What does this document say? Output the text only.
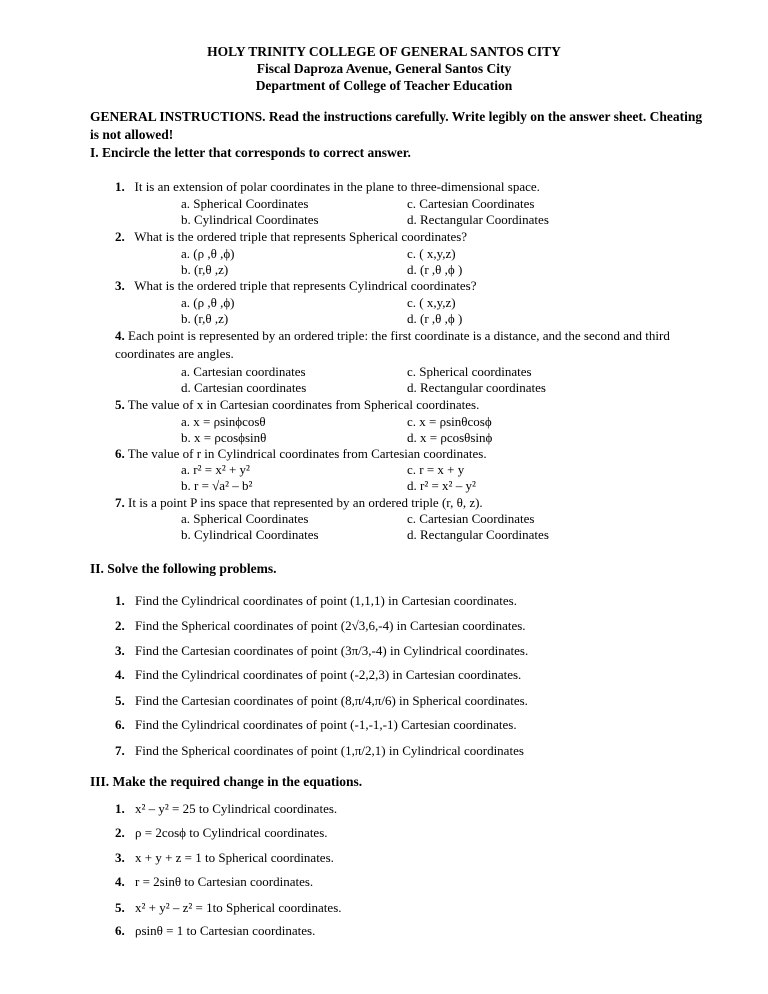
HOLY TRINITY COLLEGE OF GENERAL SANTOS CITY
Fiscal Daproza Avenue, General Santos City
Department of College of Teacher Education
GENERAL INSTRUCTIONS. Read the instructions carefully. Write legibly on the answer sheet. Cheating
is not allowed!
I. Encircle the letter that corresponds to correct answer.
1. It is an extension of polar coordinates in the plane to three-dimensional space.
a. Spherical Coordinates	c. Cartesian Coordinates
b. Cylindrical Coordinates	d. Rectangular Coordinates
2. What is the ordered triple that represents Spherical coordinates?
a. (ρ ,θ ,ϕ)	c. ( x,y,z)
b. (r,θ ,z)	d. (r ,θ ,ϕ )
3. What is the ordered triple that represents Cylindrical coordinates?
a. (ρ ,θ ,ϕ)	c. ( x,y,z)
b. (r,θ ,z)	d. (r ,θ ,ϕ )
4. Each point is represented by an ordered triple: the first coordinate is a distance, and the second and third
coordinates are angles.
a. Cartesian coordinates	c. Spherical coordinates
d. Cartesian coordinates	d. Rectangular coordinates
5. The value of x in Cartesian coordinates from Spherical coordinates.
a. x = ρsinϕcosθ	c. x = ρsinθcosϕ
b. x = ρcosϕsinθ	d. x = ρcosθsinϕ
6. The value of r in Cylindrical coordinates from Cartesian coordinates.
a. r² = x² + y²	c. r = x + y
b. r = √a² – b²	d. r² = x² – y²
7. It is a point P ins space that represented by an ordered triple (r, θ, z).
a. Spherical Coordinates	c. Cartesian Coordinates
b. Cylindrical Coordinates	d. Rectangular Coordinates
II. Solve the following problems.
1. Find the Cylindrical coordinates of point (1,1,1) in Cartesian coordinates.
2. Find the Spherical coordinates of point (2√3,6,-4) in Cartesian coordinates.
3. Find the Cartesian coordinates of point (3π/3,-4) in Cylindrical coordinates.
4. Find the Cylindrical coordinates of point (-2,2,3) in Cartesian coordinates.
5. Find the Cartesian coordinates of point (8,π/4,π/6) in Spherical coordinates.
6. Find the Cylindrical coordinates of point (-1,-1,-1) Cartesian coordinates.
7. Find the Spherical coordinates of point (1,π/2,1) in Cylindrical coordinates
III. Make the required change in the equations.
1. x² – y² = 25 to Cylindrical coordinates.
2. ρ = 2cosϕ to Cylindrical coordinates.
3. x + y + z = 1 to Spherical coordinates.
4. r = 2sinθ to Cartesian coordinates.
5. x² + y² – z² = 1to Spherical coordinates.
6. ρsinθ = 1 to Cartesian coordinates.
